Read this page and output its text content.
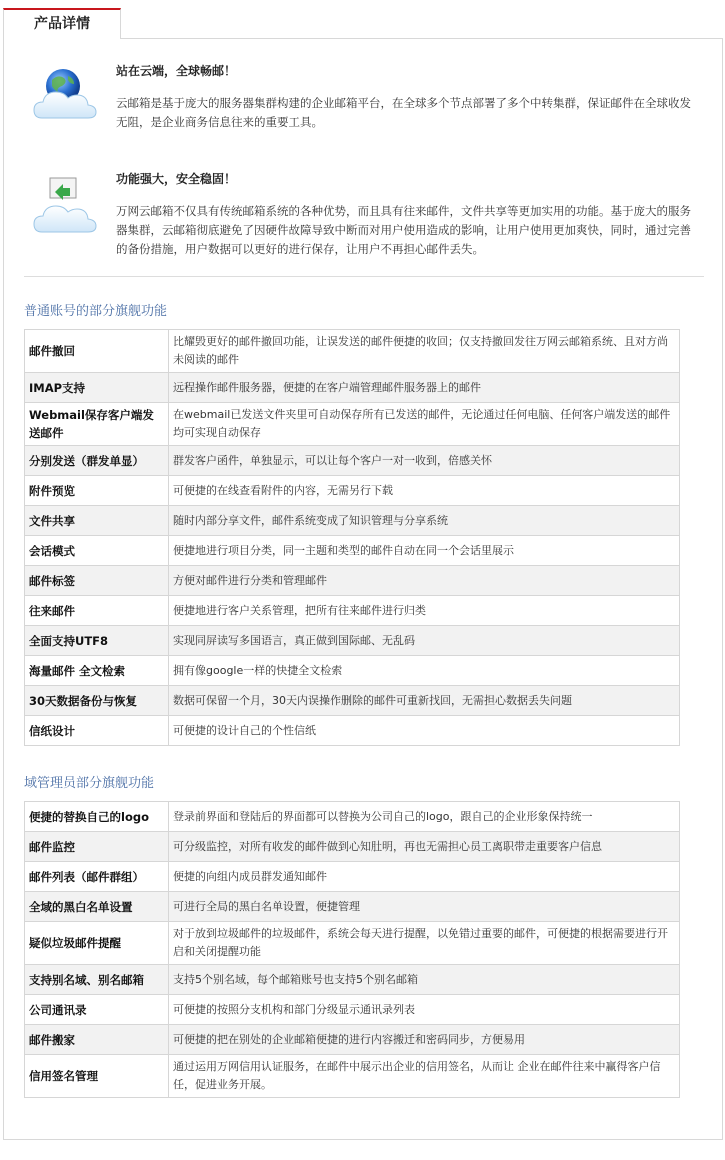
产品详情
站在云端，全球畅邮！
云邮箱是基于庞大的服务器集群构建的企业邮箱平台，在全球多个节点部署了多个中转集群，保证邮件在全球收发无阻，是企业商务信息往来的重要工具。
功能强大，安全稳固！
万网云邮箱不仅具有传统邮箱系统的各种优势，而且具有往来邮件，文件共享等更加实用的功能。基于庞大的服务器集群，云邮箱彻底避免了因硬件故障导致中断而对用户使用造成的影响，让用户使用更加爽快，同时，通过完善的备份措施，用户数据可以更好的进行保存，让用户不再担心邮件丢失。
普通账号的部分旗舰功能
邮件撤回	比耀毁更好的邮件撤回功能，让误发送的邮件便捷的收回；仅支持撤回发往万网云邮箱系统、且对方尚未阅读的邮件
IMAP支持	远程操作邮件服务器，便捷的在客户端管理邮件服务器上的邮件
Webmail保存客户端发送邮件	在webmail已发送文件夹里可自动保存所有已发送的邮件，无论通过任何电脑、任何客户端发送的邮件均可实现自动保存
分别发送（群发单显）	群发客户函件，单独显示，可以让每个客户一对一收到，倍感关怀
附件预览	可便捷的在线查看附件的内容，无需另行下载
文件共享	随时内部分享文件，邮件系统变成了知识管理与分享系统
会话模式	便捷地进行项目分类，同一主题和类型的邮件自动在同一个会话里展示
邮件标签	方便对邮件进行分类和管理邮件
往来邮件	便捷地进行客户关系管理，把所有往来邮件进行归类
全面支持UTF8	实现同屏读写多国语言，真正做到国际邮、无乱码
海量邮件 全文检索	拥有像google一样的快捷全文检索
30天数据备份与恢复	数据可保留一个月，30天内误操作删除的邮件可重新找回，无需担心数据丢失问题
信纸设计	可便捷的设计自己的个性信纸
域管理员部分旗舰功能
便捷的替换自己的logo	登录前界面和登陆后的界面都可以替换为公司自己的logo，跟自己的企业形象保持统一
邮件监控	可分级监控，对所有收发的邮件做到心知肚明，再也无需担心员工离职带走重要客户信息
邮件列表（邮件群组）	便捷的向组内成员群发通知邮件
全域的黑白名单设置	可进行全局的黑白名单设置，便捷管理
疑似垃圾邮件提醒	对于放到垃圾邮件的垃圾邮件，系统会每天进行提醒，以免错过重要的邮件，可便捷的根据需要进行开启和关闭提醒功能
支持别名域、别名邮箱	支持5个别名域，每个邮箱账号也支持5个别名邮箱
公司通讯录	可便捷的按照分支机构和部门分级显示通讯录列表
邮件搬家	可便捷的把在别处的企业邮箱便捷的进行内容搬迁和密码同步，方便易用
信用签名管理	通过运用万网信用认证服务，在邮件中展示出企业的信用签名，从而让 企业在邮件往来中赢得客户信任，促进业务开展。
